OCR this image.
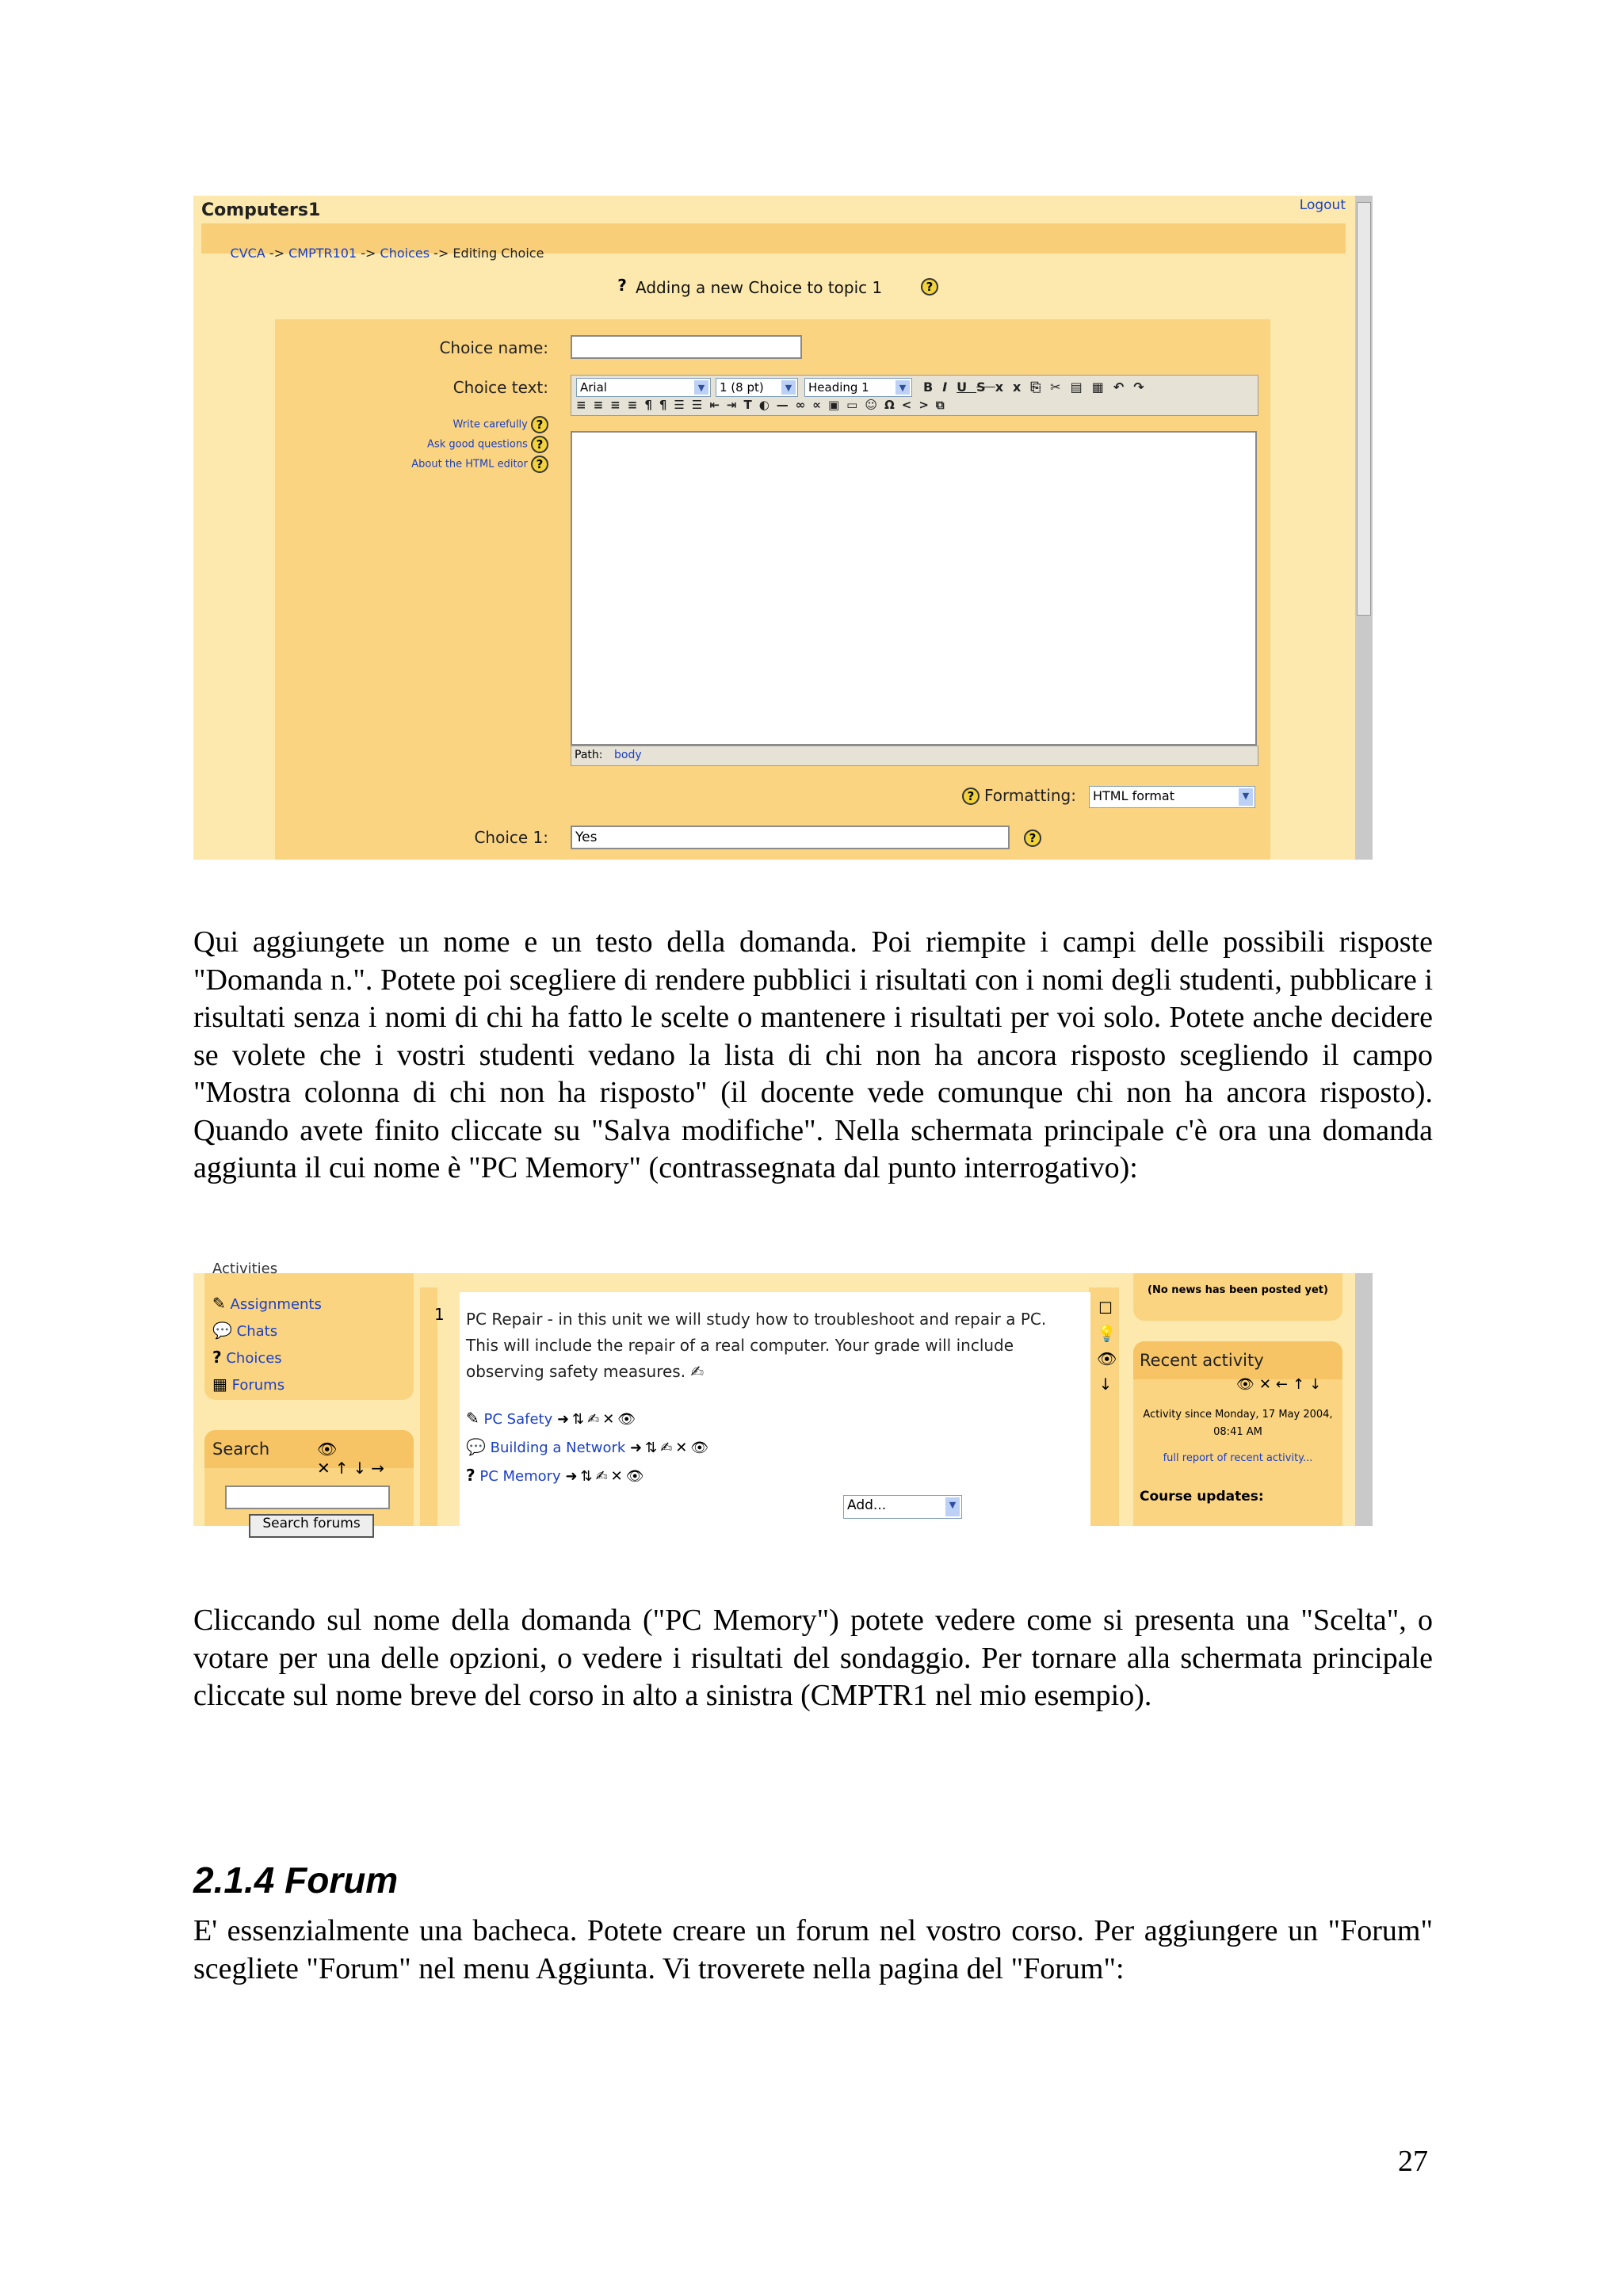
Computers1	Logout

CVCA -> CMPTR101 -> Choices -> Editing Choice

? Adding a new Choice to topic 1	?
Choice name:
Choice text:
Write carefully ?
Ask good questions ?
About the HTML editor ?
Arial	▼	1 (8 pt)	▼	Heading 1	▼ BIUSxx⎘✂▤▦↶↷
≡≡≡≡¶¶☰☰⇤⇥T◐—∞∝▣▭☺Ω<>⧉
Path: body
? Formatting:	HTML format	▼
Choice 1:	Yes	?

Qui aggiungete un nome e un testo della domanda. Poi riempite i campi delle possibili risposte "Domanda n.". Potete poi scegliere di rendere pubblici i risultati con i nomi degli studenti, pubblicare i risultati senza i nomi di chi ha fatto le scelte o mantenere i risultati per voi solo. Potete anche decidere se volete che i vostri studenti vedano la lista di chi non ha ancora risposto scegliendo il campo "Mostra colonna di chi non ha risposto" (il docente vede comunque chi non ha ancora risposto). Quando avete finito cliccate su "Salva modifiche". Nella schermata principale c'è ora una domanda aggiunta il cui nome è "PC Memory" (contrassegnata dal punto interrogativo):

Activities
✎ Assignments
💬 Chats
? Choices
▦ Forums
Search	👁✕↑↓→
Search forums
1 PC Repair - in this unit we will study how to troubleshoot and repair a PC. This will include the repair of a real computer. Your grade will include observing safety measures. ✍
✎ PC Safety ➜⇅✍✕👁
💬 Building a Network ➜⇅✍✕👁
? PC Memory ➜⇅✍✕👁
Add...	▼
☐
💡
👁
↓
(No news has been posted yet)
Recent activity
👁✕←↑↓
Activity since Monday, 17 May 2004, 08:41 AM
full report of recent activity...
Course updates:

Cliccando sul nome della domanda ("PC Memory") potete vedere come si presenta una "Scelta", o votare per una delle opzioni, o vedere i risultati del sondaggio. Per tornare alla schermata principale cliccate sul nome breve del corso in alto a sinistra (CMPTR1 nel mio esempio).

2.1.4 Forum

E' essenzialmente una bacheca. Potete creare un forum nel vostro corso. Per aggiungere un "Forum" scegliete "Forum" nel menu Aggiunta. Vi troverete nella pagina del "Forum":

27
